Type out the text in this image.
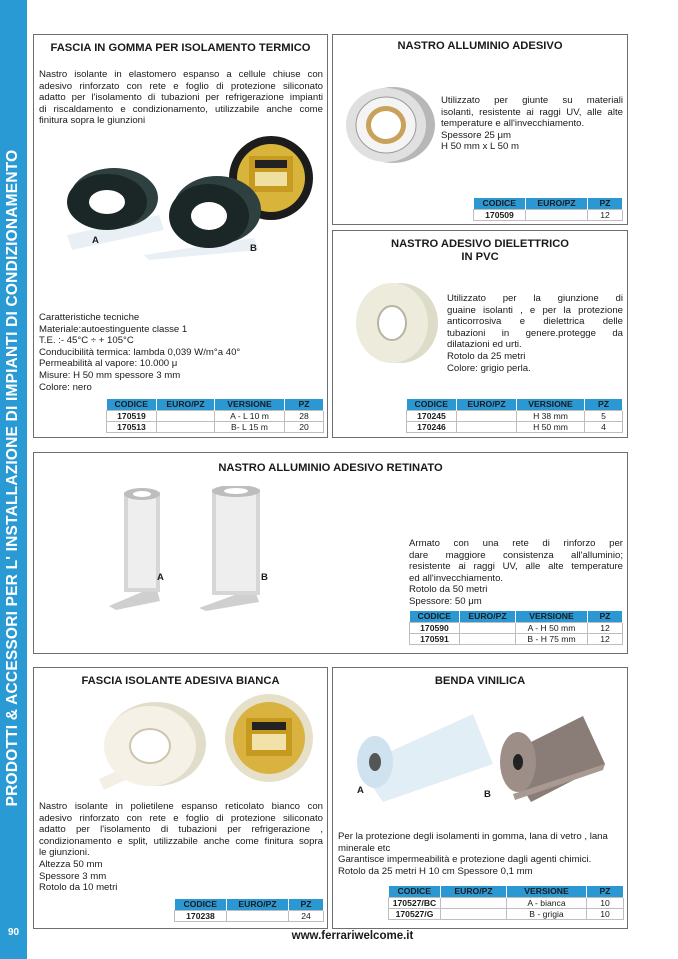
PRODOTTI & ACCESSORI PER L' INSTALLAZIONE DI IMPIANTI DI CONDIZIONAMENTO
90
FASCIA IN GOMMA PER ISOLAMENTO TERMICO
Nastro isolante in elastomero espanso a cellule chiuse con
adesivo rinforzato con rete e foglio di protezione siliconato
adatto per l'isolamento di tubazioni per refrigerazione impianti
di riscaldamento e condizionamento, utilizzabile anche come
finitura sopra le giunzioni
A
B
Caratteristiche tecniche
Materiale:autoestinguente classe 1
T.E. :- 45°C ÷ + 105°C
Conducibilità termica: lambda 0,039 W/m°a 40°
Permeabilità al vapore: 10.000 μ
Misure: H 50 mm spessore 3 mm
Colore: nero
CODICE	EURO/PZ	VERSIONE	PZ
170519		A - L 10 m	28
170513		B- L 15 m	20
NASTRO ALLUMINIO ADESIVO
Utilizzato per giunte su materiali
isolanti, resistente ai raggi UV, alle alte
temperature e all'invecchiamento.
Spessore 25 μm
H 50 mm x L 50 m
CODICE	EURO/PZ	PZ
170509		12
NASTRO ADESIVO DIELETTRICO
IN PVC
Utilizzato per la giunzione di
guaine isolanti , e per la protezione
anticorrosiva e dielettrica delle
tubazioni in genere.protegge da
dilatazioni ed urti.
Rotolo da 25 metri
Colore: grigio perla.
CODICE	EURO/PZ	VERSIONE	PZ
170245		H 38 mm	5
170246		H 50 mm	4
NASTRO ALLUMINIO ADESIVO RETINATO
A	B
Armato con una rete di rinforzo per
dare maggiore consistenza all'alluminio;
resistente ai raggi UV, alle alte temperature
ed all'invecchiamento.
Rotolo da 50 metri
Spessore: 50 μm
CODICE	EURO/PZ	VERSIONE	PZ
170590		A - H 50 mm	12
170591		B - H 75 mm	12
FASCIA ISOLANTE ADESIVA BIANCA
Nastro isolante in polietilene espanso reticolato bianco con
adesivo rinforzato con rete e foglio di protezione siliconato
adatto per l'isolamento di tubazioni per refrigerazione ,
condizionamento e split, utilizzabile anche come finitura sopra
le giunzioni.
Altezza 50 mm
Spessore 3 mm
Rotolo da 10 metri
CODICE	EURO/PZ	PZ
170238		24
BENDA VINILICA
A	B
Per la protezione degli isolamenti in gomma, lana di vetro , lana
minerale etc
Garantisce impermeabilità e protezione dagli agenti chimici.
Rotolo da 25 metri H 10 cm Spessore 0,1 mm
CODICE	EURO/PZ	VERSIONE	PZ
170527/BC		A - bianca	10
170527/G		B - grigia	10
www.ferrariwelcome.it
